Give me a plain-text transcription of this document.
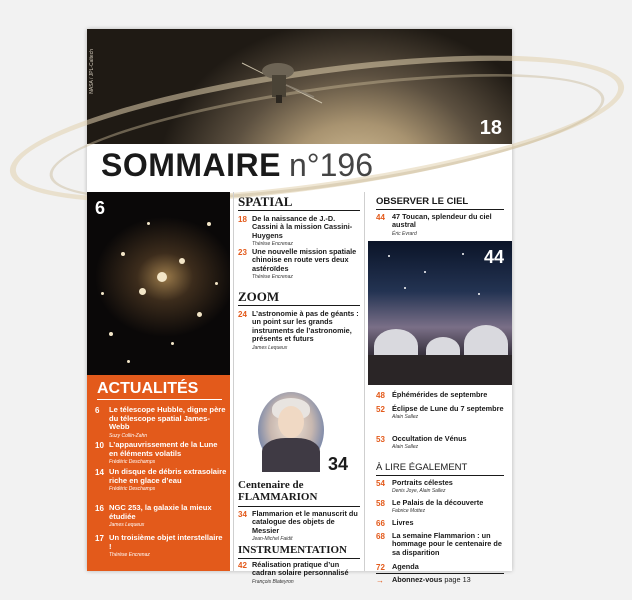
NASA / JPL-Caltech
18
SOMMAIRE n°196
6
ACTUALITÉS
6 Le télescope Hubble, digne père du télescope spatial James-Webb
Suzy Collin-Zahn
10 L’appauvrissement de la Lune en éléments volatils
Frédéric Deschamps
14 Un disque de débris extrasolaire riche en glace d’eau
Frédéric Deschamps
16 NGC 253, la galaxie la mieux étudiée
James Lequeux
17 Un troisième objet interstellaire !
Thérèse Encrenaz
SPATIAL
18 De la naissance de J.-D. Cassini à la mission Cassini-Huygens
Thérèse Encrenaz
23 Une nouvelle mission spatiale chinoise en route vers deux astéroïdes
Thérèse Encrenaz
ZOOM
24 L’astronomie à pas de géants : un point sur les grands instruments de l’astronomie, présents et futurs
James Lequeux
34
Centenaire de FLAMMARION
34 Flammarion et le manuscrit du catalogue des objets de Messier
Jean-Michel Faidit
INSTRUMENTATION
42 Réalisation pratique d’un cadran solaire personnalisé
François Blateyron
OBSERVER LE CIEL
44 47 Toucan, splendeur du ciel austral
Éric Evrard
44
48 Éphémérides de septembre
52 Éclipse de Lune du 7 septembre
Alain Sallez
53 Occultation de Vénus
Alain Sallez
À LIRE ÉGALEMENT
54 Portraits célestes
Denis Joye, Alain Sallez
58 Le Palais de la découverte
Fabrice Mottez
66 Livres
68 La semaine Flammarion : un hommage pour le centenaire de sa disparition
72 Agenda
→ Abonnez-vous page 13
